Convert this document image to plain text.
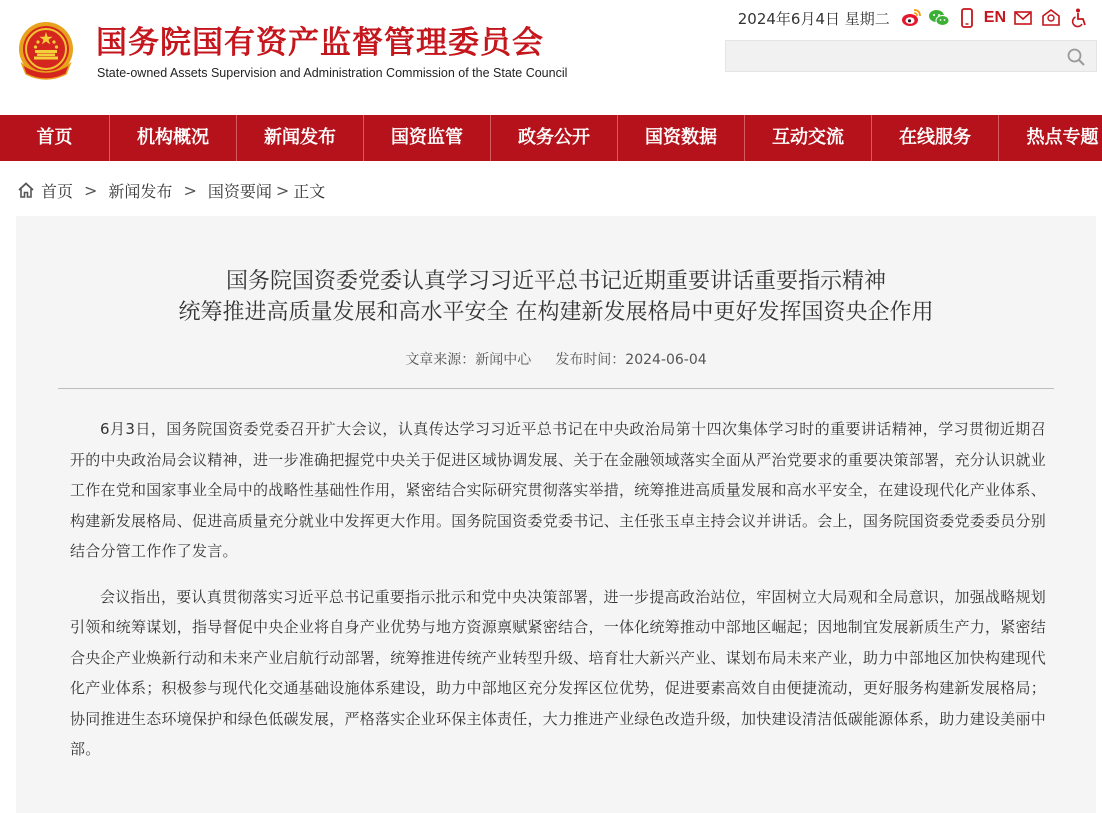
国务院国有资产监督管理委员会
State-owned Assets Supervision and Administration Commission of the State Council
2024年6月4日 星期二	EN
首页	机构概况	新闻发布	国资监管	政务公开	国资数据	互动交流	在线服务	热点专题
首页 > 新闻发布 > 国资要闻 > 正文
国务院国资委党委认真学习习近平总书记近期重要讲话重要指示精神
统筹推进高质量发展和高水平安全 在构建新发展格局中更好发挥国资央企作用
文章来源：新闻中心 发布时间：2024-06-04

6月3日，国务院国资委党委召开扩大会议，认真传达学习习近平总书记在中央政治局第十四次集体学习时的重要讲话精神，学习贯彻近期召开的中央政治局会议精神，进一步准确把握党中央关于促进区域协调发展、关于在金融领域落实全面从严治党要求的重要决策部署，充分认识就业工作在党和国家事业全局中的战略性基础性作用，紧密结合实际研究贯彻落实举措，统筹推进高质量发展和高水平安全，在建设现代化产业体系、构建新发展格局、促进高质量充分就业中发挥更大作用。国务院国资委党委书记、主任张玉卓主持会议并讲话。会上，国务院国资委党委委员分别结合分管工作作了发言。

会议指出，要认真贯彻落实习近平总书记重要指示批示和党中央决策部署，进一步提高政治站位，牢固树立大局观和全局意识，加强战略规划引领和统筹谋划，指导督促中央企业将自身产业优势与地方资源禀赋紧密结合，一体化统筹推动中部地区崛起；因地制宜发展新质生产力，紧密结合央企产业焕新行动和未来产业启航行动部署，统筹推进传统产业转型升级、培育壮大新兴产业、谋划布局未来产业，助力中部地区加快构建现代化产业体系；积极参与现代化交通基础设施体系建设，助力中部地区充分发挥区位优势，促进要素高效自由便捷流动，更好服务构建新发展格局；协同推进生态环境保护和绿色低碳发展，严格落实企业环保主体责任，大力推进产业绿色改造升级，加快建设清洁低碳能源体系，助力建设美丽中部。
